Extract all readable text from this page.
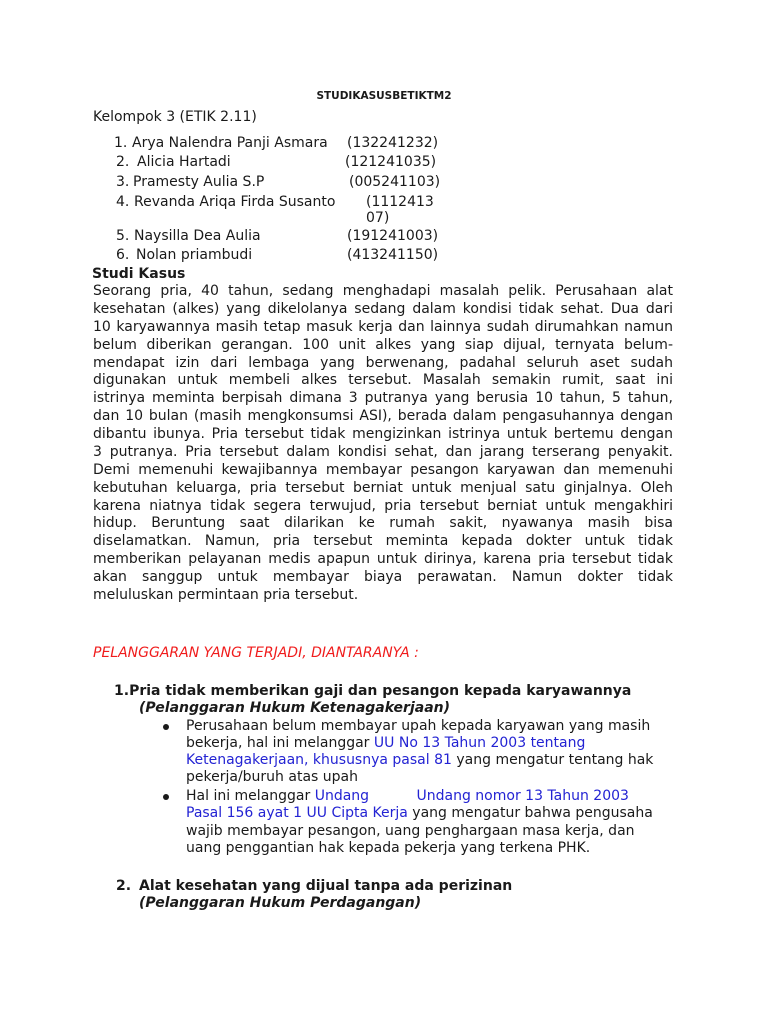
STUDIKASUSBETIKTM2
Kelompok 3 (ETIK 2.11)
1. Arya Nalendra Panji Asmara (132241232)
2. Alicia Hartadi	(121241035)
3. Pramesty Aulia S.P	(005241103)
4. Revanda Ariqa Firda Susanto (111241307)
5. Naysilla Dea Aulia	(191241003)
6. Nolan priambudi	(413241150)
Studi Kasus
Seorang pria, 40 tahun, sedang menghadapi masalah pelik. Perusahaan alat
kesehatan (alkes) yang dikelolanya sedang dalam kondisi tidak sehat. Dua dari
10 karyawannya masih tetap masuk kerja dan lainnya sudah dirumahkan namun
belum diberikan gerangan. 100 unit alkes yang siap dijual, ternyata belum-
mendapat izin dari lembaga yang berwenang, padahal seluruh aset sudah
digunakan untuk membeli alkes tersebut. Masalah semakin rumit, saat ini
istrinya meminta berpisah dimana 3 putranya yang berusia 10 tahun, 5 tahun,
dan 10 bulan (masih mengkonsumsi ASI), berada dalam pengasuhannya dengan
dibantu ibunya. Pria tersebut tidak mengizinkan istrinya untuk bertemu dengan
3 putranya. Pria tersebut dalam kondisi sehat, dan jarang terserang penyakit.
Demi memenuhi kewajibannya membayar pesangon karyawan dan memenuhi
kebutuhan keluarga, pria tersebut berniat untuk menjual satu ginjalnya. Oleh
karena niatnya tidak segera terwujud, pria tersebut berniat untuk mengakhiri
hidup. Beruntung saat dilarikan ke rumah sakit, nyawanya masih bisa
diselamatkan. Namun, pria tersebut meminta kepada dokter untuk tidak
memberikan pelayanan medis apapun untuk dirinya, karena pria tersebut tidak
akan sanggup untuk membayar biaya perawatan. Namun dokter tidak
meluluskan permintaan pria tersebut.
PELANGGARAN YANG TERJADI, DIANTARANYA :
1.Pria tidak memberikan gaji dan pesangon kepada karyawannya
(Pelanggaran Hukum Ketenagakerjaan)
Perusahaan belum membayar upah kepada karyawan yang masih
bekerja, hal ini melanggar UU No 13 Tahun 2003 tentang
Ketenagakerjaan, khususnya pasal 81 yang mengatur tentang hak
pekerja/buruh atas upah
Hal ini melanggar Undang	Undang nomor 13 Tahun 2003
Pasal 156 ayat 1 UU Cipta Kerja yang mengatur bahwa pengusaha
wajib membayar pesangon, uang penghargaan masa kerja, dan
uang penggantian hak kepada pekerja yang terkena PHK.
2. Alat kesehatan yang dijual tanpa ada perizinan
(Pelanggaran Hukum Perdagangan)
